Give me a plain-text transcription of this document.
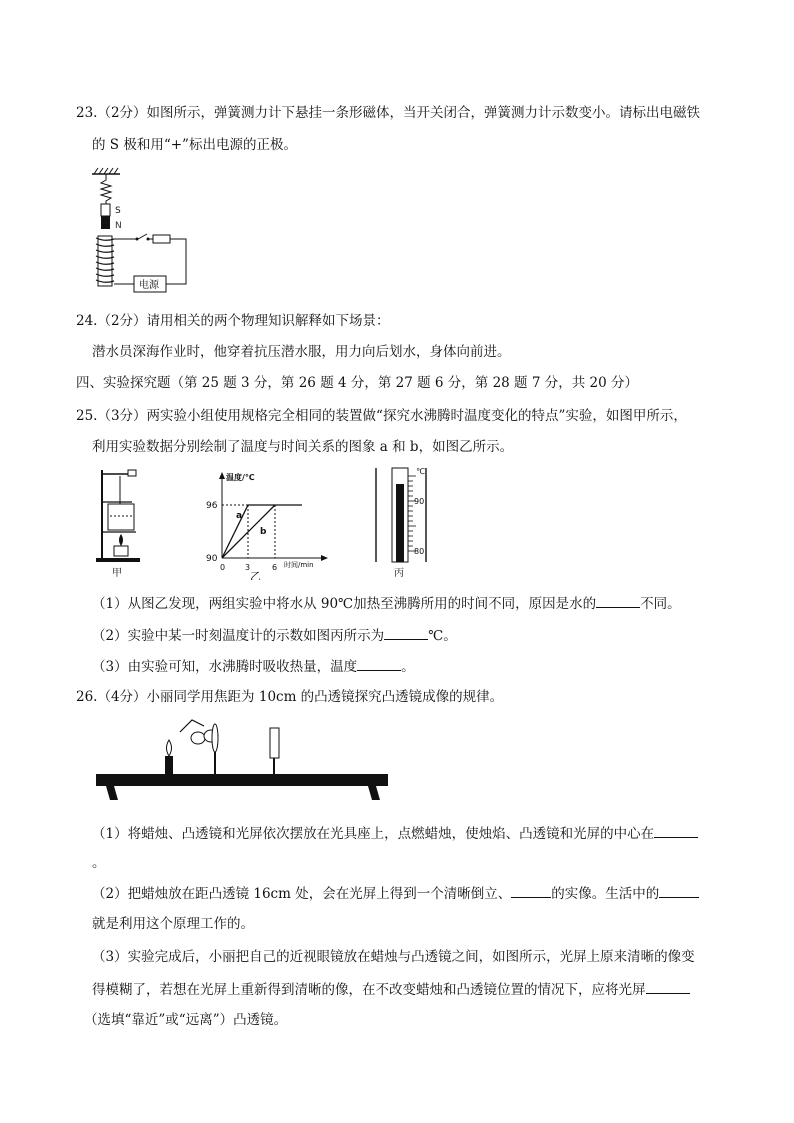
23.（2分）如图所示，弹簧测力计下悬挂一条形磁体，当开关闭合，弹簧测力计示数变小。请标出电磁铁
的 S 极和用“+”标出电源的正极。
S
N
电源
24.（2分）请用相关的两个物理知识解释如下场景：
潜水员深海作业时，他穿着抗压潜水服，用力向后划水，身体向前进。
四、实验探究题（第 25 题 3 分，第 26 题 4 分，第 27 题 6 分，第 28 题 7 分，共 20 分）
25.（3分）两实验小组使用规格完全相同的装置做“探究水沸腾时温度变化的特点”实验，如图甲所示，
利用实验数据分别绘制了温度与时间关系的图象 a 和 b，如图乙所示。
甲
温度/℃
时间/min
96
90
0 3	6
a
b
乙
℃
90
80
丙
（1）从图乙发现，两组实验中将水从 90℃加热至沸腾所用的时间不同，原因是水的	不同。
（2）实验中某一时刻温度计的示数如图丙所示为	℃。
（3）由实验可知，水沸腾时吸收热量，温度	。
26.（4分）小丽同学用焦距为 10cm 的凸透镜探究凸透镜成像的规律。
（1）将蜡烛、凸透镜和光屏依次摆放在光具座上，点燃蜡烛，使烛焰、凸透镜和光屏的中心在
。
（2）把蜡烛放在距凸透镜 16cm 处，会在光屏上得到一个清晰倒立、	的实像。生活中的
就是利用这个原理工作的。
（3）实验完成后，小丽把自己的近视眼镜放在蜡烛与凸透镜之间，如图所示，光屏上原来清晰的像变
得模糊了，若想在光屏上重新得到清晰的像，在不改变蜡烛和凸透镜位置的情况下，应将光屏
（选填“靠近”或“远离”）凸透镜。
